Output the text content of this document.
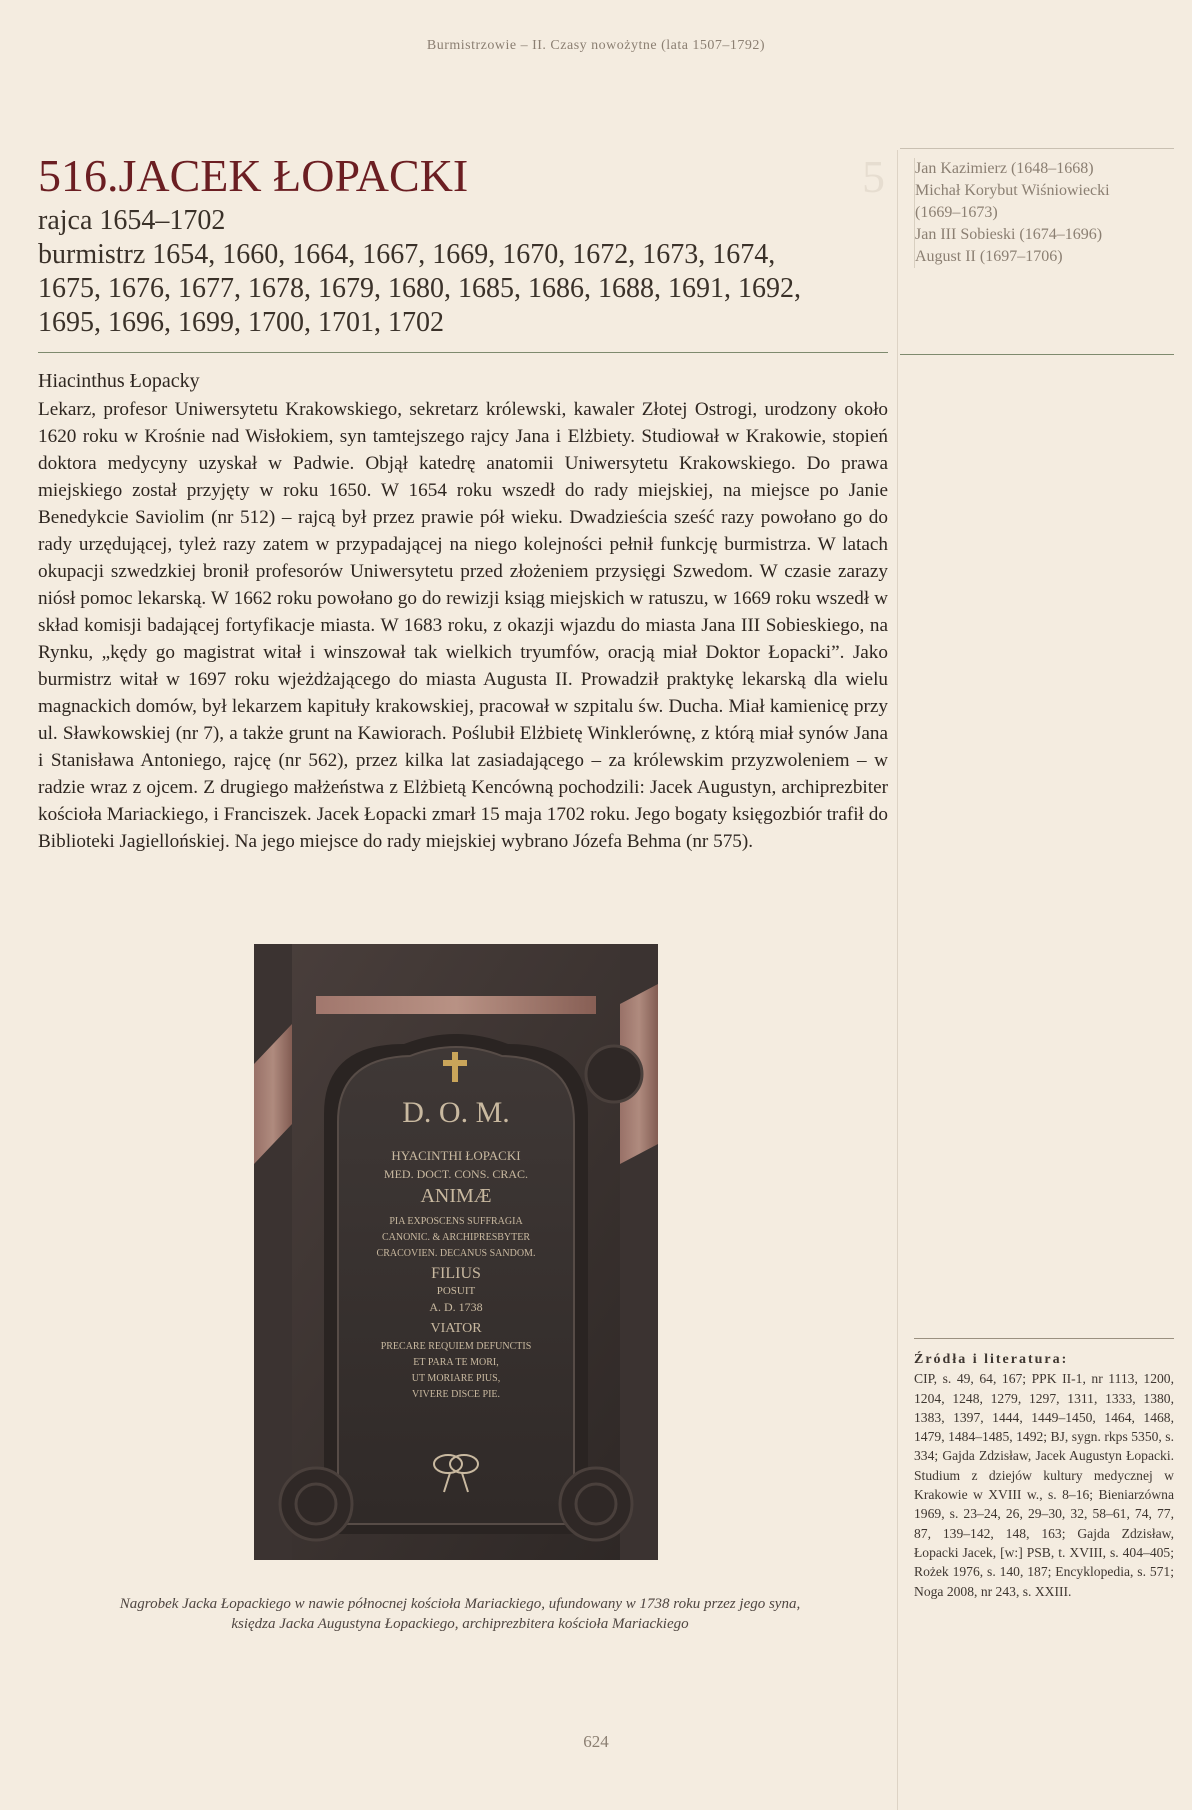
Burmistrzowie – II. Czasy nowożytne (lata 1507–1792)
5
516.JACEK ŁOPACKI
rajca 1654–1702
burmistrz 1654, 1660, 1664, 1667, 1669, 1670, 1672, 1673, 1674,
1675, 1676, 1677, 1678, 1679, 1680, 1685, 1686, 1688, 1691, 1692,
1695, 1696, 1699, 1700, 1701, 1702
Jan Kazimierz (1648–1668)
Michał Korybut Wiśniowiecki
(1669–1673)
Jan III Sobieski (1674–1696)
August II (1697–1706)
Hiacinthus Łopacky

Lekarz, profesor Uniwersytetu Krakowskiego, sekretarz królewski, kawaler Złotej Ostrogi, urodzony około 1620 roku w Krośnie nad Wisłokiem, syn tamtejszego rajcy Jana i Elżbiety. Studiował w Krakowie, stopień doktora medycyny uzyskał w Padwie. Objął katedrę anatomii Uniwersytetu Krakowskiego. Do prawa miejskiego został przyjęty w roku 1650. W 1654 roku wszedł do rady miejskiej, na miejsce po Janie Benedykcie Saviolim (nr 512) – rajcą był przez prawie pół wieku. Dwadzieścia sześć razy powołano go do rady urzędującej, tyleż razy zatem w przypadającej na niego kolejności pełnił funkcję burmistrza. W latach okupacji szwedzkiej bronił profesorów Uniwersytetu przed złożeniem przysięgi Szwedom. W czasie zarazy niósł pomoc lekarską. W 1662 roku powołano go do rewizji ksiąg miejskich w ratuszu, w 1669 roku wszedł w skład komisji badającej fortyfikacje miasta. W 1683 roku, z okazji wjazdu do miasta Jana III Sobieskiego, na Rynku, „kędy go magistrat witał i winszował tak wielkich tryumfów, oracją miał Doktor Łopacki”. Jako burmistrz witał w 1697 roku wjeżdżającego do miasta Augusta II. Prowadził praktykę lekarską dla wielu magnackich domów, był lekarzem kapituły krakowskiej, pracował w szpitalu św. Ducha. Miał kamienicę przy ul. Sławkowskiej (nr 7), a także grunt na Kawiorach. Poślubił Elżbietę Winklerównę, z którą miał synów Jana i Stanisława Antoniego, rajcę (nr 562), przez kilka lat zasiadającego – za królewskim przyzwoleniem – w radzie wraz z ojcem. Z drugiego małżeństwa z Elżbietą Kencówną pochodzili: Jacek Augustyn, archiprezbiter kościoła Mariackiego, i Franciszek. Jacek Łopacki zmarł 15 maja 1702 roku. Jego bogaty księgozbiór trafił do Biblioteki Jagiellońskiej. Na jego miejsce do rady miejskiej wybrano Józefa Behma (nr 575).

D. O. M.
HYACINTHI ŁOPACKI
MED. DOCT. CONS. CRAC.
ANIMÆ
PIA EXPOSCENS SUFFRAGIA
CANONIC. & ARCHIPRESBYTER
CRACOVIEN. DECANUS SANDOM.
FILIUS
POSUIT
A. D. 1738
VIATOR
PRECARE REQUIEM DEFUNCTIS
ET PARA TE MORI,
UT MORIARE PIUS,
VIVERE DISCE PIE.
Nagrobek Jacka Łopackiego w nawie północnej kościoła Mariackiego, ufundowany w 1738 roku przez jego syna,
księdza Jacka Augustyna Łopackiego, archiprezbitera kościoła Mariackiego
Źródła i literatura:
CIP, s. 49, 64, 167; PPK II-1, nr 1113, 1200, 1204, 1248, 1279, 1297, 1311, 1333, 1380, 1383, 1397, 1444, 1449–1450, 1464, 1468, 1479, 1484–1485, 1492; BJ, sygn. rkps 5350, s. 334; Gajda Zdzisław, Jacek Augustyn Łopacki. Studium z dziejów kultury medycznej w Krakowie w XVIII w., s. 8–16; Bieniarzówna 1969, s. 23–24, 26, 29–30, 32, 58–61, 74, 77, 87, 139–142, 148, 163; Gajda Zdzisław, Łopacki Jacek, [w:] PSB, t. XVIII, s. 404–405; Rożek 1976, s. 140, 187; Encyklopedia, s. 571; Noga 2008, nr 243, s. XXIII.
624
